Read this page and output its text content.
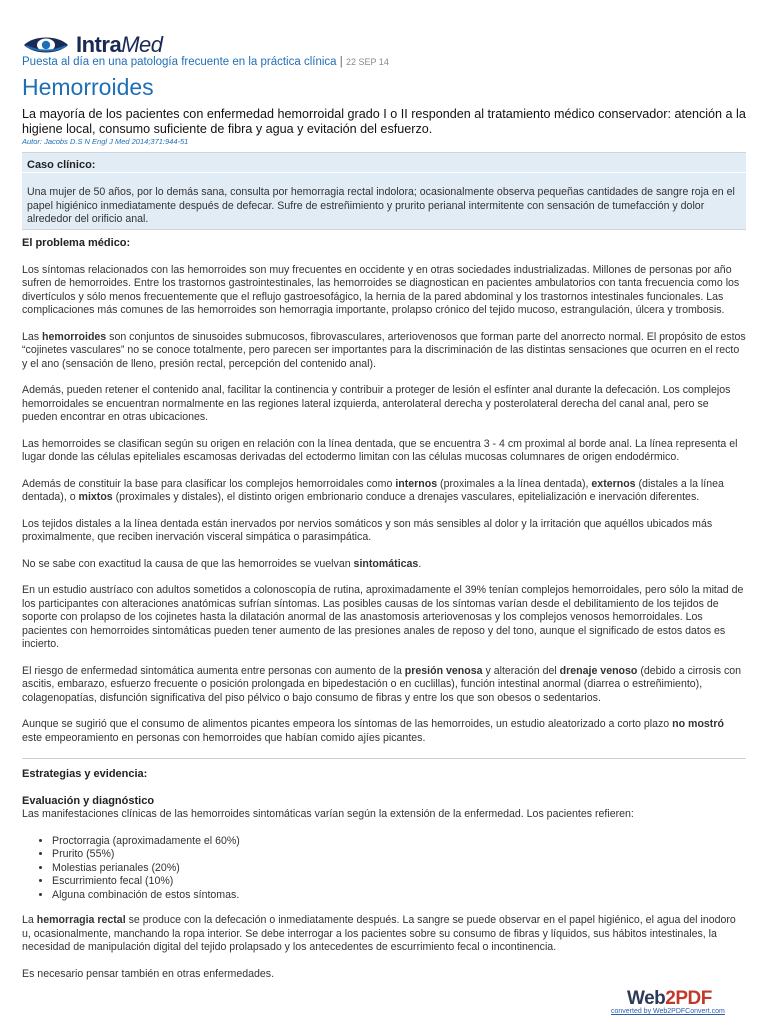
IntraMed
Puesta al día en una patología frecuente en la práctica clínica | 22 SEP 14
Hemorroides
La mayoría de los pacientes con enfermedad hemorroidal grado I o II responden al tratamiento médico conservador: atención a la higiene local, consumo suficiente de fibra y agua y evitación del esfuerzo.
Autor: Jacobs D.S N Engl J Med 2014;371:944-51
Caso clínico:
Una mujer de 50 años, por lo demás sana, consulta por hemorragia rectal indolora; ocasionalmente observa pequeñas cantidades de sangre roja en el papel higiénico inmediatamente después de defecar. Sufre de estreñimiento y prurito perianal intermitente con sensación de tumefacción y dolor alrededor del orificio anal.
El problema médico:

Los síntomas relacionados con las hemorroides son muy frecuentes en occidente y en otras sociedades industrializadas. Millones de personas por año sufren de hemorroides. Entre los trastornos gastrointestinales, las hemorroides se diagnostican en pacientes ambulatorios con tanta frecuencia como los divertículos y sólo menos frecuentemente que el reflujo gastroesofágico, la hernia de la pared abdominal y los trastornos intestinales funcionales. Las complicaciones más comunes de las hemorroides son hemorragia importante, prolapso crónico del tejido mucoso, estrangulación, úlcera y trombosis.

Las hemorroides son conjuntos de sinusoides submucosos, fibrovasculares, arteriovenosos que forman parte del anorrecto normal. El propósito de estos “cojinetes vasculares” no se conoce totalmente, pero parecen ser importantes para la discriminación de las distintas sensaciones que ocurren en el recto y el ano (sensación de lleno, presión rectal, percepción del contenido anal).

Además, pueden retener el contenido anal, facilitar la continencia y contribuir a proteger de lesión el esfínter anal durante la defecación. Los complejos hemorroidales se encuentran normalmente en las regiones lateral izquierda, anterolateral derecha y posterolateral derecha del canal anal, pero se pueden encontrar en otras ubicaciones.

Las hemorroides se clasifican según su origen en relación con la línea dentada, que se encuentra 3 - 4 cm proximal al borde anal. La línea representa el lugar donde las células epiteliales escamosas derivadas del ectodermo limitan con las células mucosas columnares de origen endodérmico.

Además de constituir la base para clasificar los complejos hemorroidales como internos (proximales a la línea dentada), externos (distales a la línea dentada), o mixtos (proximales y distales), el distinto origen embrionario conduce a drenajes vasculares, epitelialización e inervación diferentes.

Los tejidos distales a la línea dentada están inervados por nervios somáticos y son más sensibles al dolor y la irritación que aquéllos ubicados más proximalmente, que reciben inervación visceral simpática o parasimpática.

No se sabe con exactitud la causa de que las hemorroides se vuelvan sintomáticas.

En un estudio austríaco con adultos sometidos a colonoscopía de rutina, aproximadamente el 39% tenían complejos hemorroidales, pero sólo la mitad de los participantes con alteraciones anatómicas sufrían síntomas. Las posibles causas de los síntomas varían desde el debilitamiento de los tejidos de soporte con prolapso de los cojinetes hasta la dilatación anormal de las anastomosis arteriovenosas y los complejos venosos hemorroidales. Los pacientes con hemorroides sintomáticas pueden tener aumento de las presiones anales de reposo y del tono, aunque el significado de estos datos es incierto.

El riesgo de enfermedad sintomática aumenta entre personas con aumento de la presión venosa y alteración del drenaje venoso (debido a cirrosis con ascitis, embarazo, esfuerzo frecuente o posición prolongada en bipedestación o en cuclillas), función intestinal anormal (diarrea o estreñimiento), colagenopatías, disfunción significativa del piso pélvico o bajo consumo de fibras y entre los que son obesos o sedentarios.

Aunque se sugirió que el consumo de alimentos picantes empeora los síntomas de las hemorroides, un estudio aleatorizado a corto plazo no mostró este empeoramiento en personas con hemorroides que habían comido ajíes picantes.

Estrategias y evidencia:
Evaluación y diagnóstico

Las manifestaciones clínicas de las hemorroides sintomáticas varían según la extensión de la enfermedad. Los pacientes refieren:

• Proctorragia (aproximadamente el 60%)
• Prurito (55%)
• Molestias perianales (20%)
• Escurrimiento fecal (10%)
• Alguna combinación de estos síntomas.

La hemorragia rectal se produce con la defecación o inmediatamente después. La sangre se puede observar en el papel higiénico, el agua del inodoro u, ocasionalmente, manchando la ropa interior. Se debe interrogar a los pacientes sobre su consumo de fibras y líquidos, sus hábitos intestinales, la necesidad de manipulación digital del tejido prolapsado y los antecedentes de escurrimiento fecal o incontinencia.

Es necesario pensar también en otras enfermedades.

Web2PDF
converted by Web2PDFConvert.com
